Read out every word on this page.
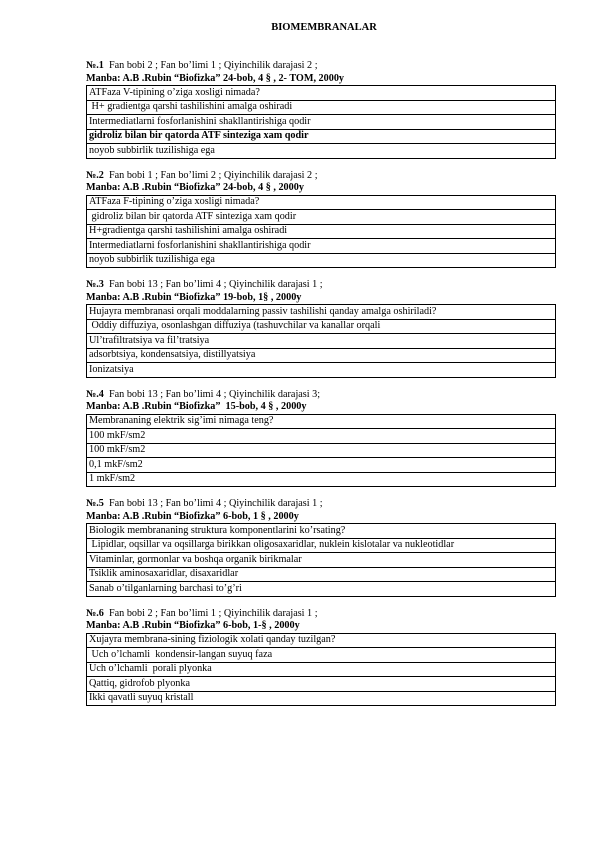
BIOMEMBRANALAR
№.1  Fan bobi 2 ; Fan bo’limi 1 ; Qiyinchilik darajasi 2 ;
Manba: A.B .Rubin “Biofizka” 24-bob, 4 § , 2- TOM, 2000y
ATFaza V-tipining o’ziga xosligi nimada?
H+ gradientga qarshi tashilishini amalga oshiradi
Intermediatlarni fosforlanishini shakllantirishiga qodir
gidroliz bilan bir qatorda ATF sinteziga xam qodir
noyob subbirlik tuzilishiga ega
№.2  Fan bobi 1 ; Fan bo’limi 2 ; Qiyinchilik darajasi 2 ;
Manba: A.B .Rubin “Biofizka” 24-bob, 4 § , 2000y
ATFaza F-tipining o’ziga xosligi nimada?
gidroliz bilan bir qatorda ATF sinteziga xam qodir
H+gradientga qarshi tashilishini amalga oshiradi
Intermediatlarni fosforlanishini shakllantirishiga qodir
noyob subbirlik tuzilishiga ega
№.3  Fan bobi 13 ; Fan bo’limi 4 ; Qiyinchilik darajasi 1 ;
Manba: A.B .Rubin “Biofizka” 19-bob, 1§ , 2000y
Hujayra membranasi orqali moddalarning passiv tashilishi qanday amalga oshiriladi?
Oddiy diffuziya, osonlashgan diffuziya (tashuvchilar va kanallar orqali
Ul’trafiltratsiya va fil’tratsiya
adsorbtsiya, kondensatsiya, distillyatsiya
Ionizatsiya
№.4  Fan bobi 13 ; Fan bo’limi 4 ; Qiyinchilik darajasi 3;
Manba: A.B .Rubin “Biofizka”  15-bob, 4 § , 2000y
Membrananing elektrik sig’imi nimaga teng?
100 mkF/sm2
100 mkF/sm2
0,1 mkF/sm2
1 mkF/sm2
№.5  Fan bobi 13 ; Fan bo’limi 4 ; Qiyinchilik darajasi 1 ;
Manba: A.B .Rubin “Biofizka” 6-bob, 1 § , 2000y
Biologik membrananing struktura komponentlarini ko’rsating?
Lipidlar, oqsillar va oqsillarga birikkan oligosaxaridlar, nuklein kislotalar va nukleotidlar
Vitaminlar, gormonlar va boshqa organik birikmalar
Tsiklik aminosaxaridlar, disaxaridlar
Sanab o’tilganlarning barchasi to’g’ri
№.6  Fan bobi 2 ; Fan bo’limi 1 ; Qiyinchilik darajasi 1 ;
Manba: A.B .Rubin “Biofizka” 6-bob, 1-§ , 2000y
Xujayra membrana-sining fiziologik xolati qanday tuzilgan?
Uch o’lchamli  kondensir-langan suyuq faza
Uch o’lchamli  porali plyonka
Qattiq, gidrofob plyonka
Ikki qavatli suyuq kristall
